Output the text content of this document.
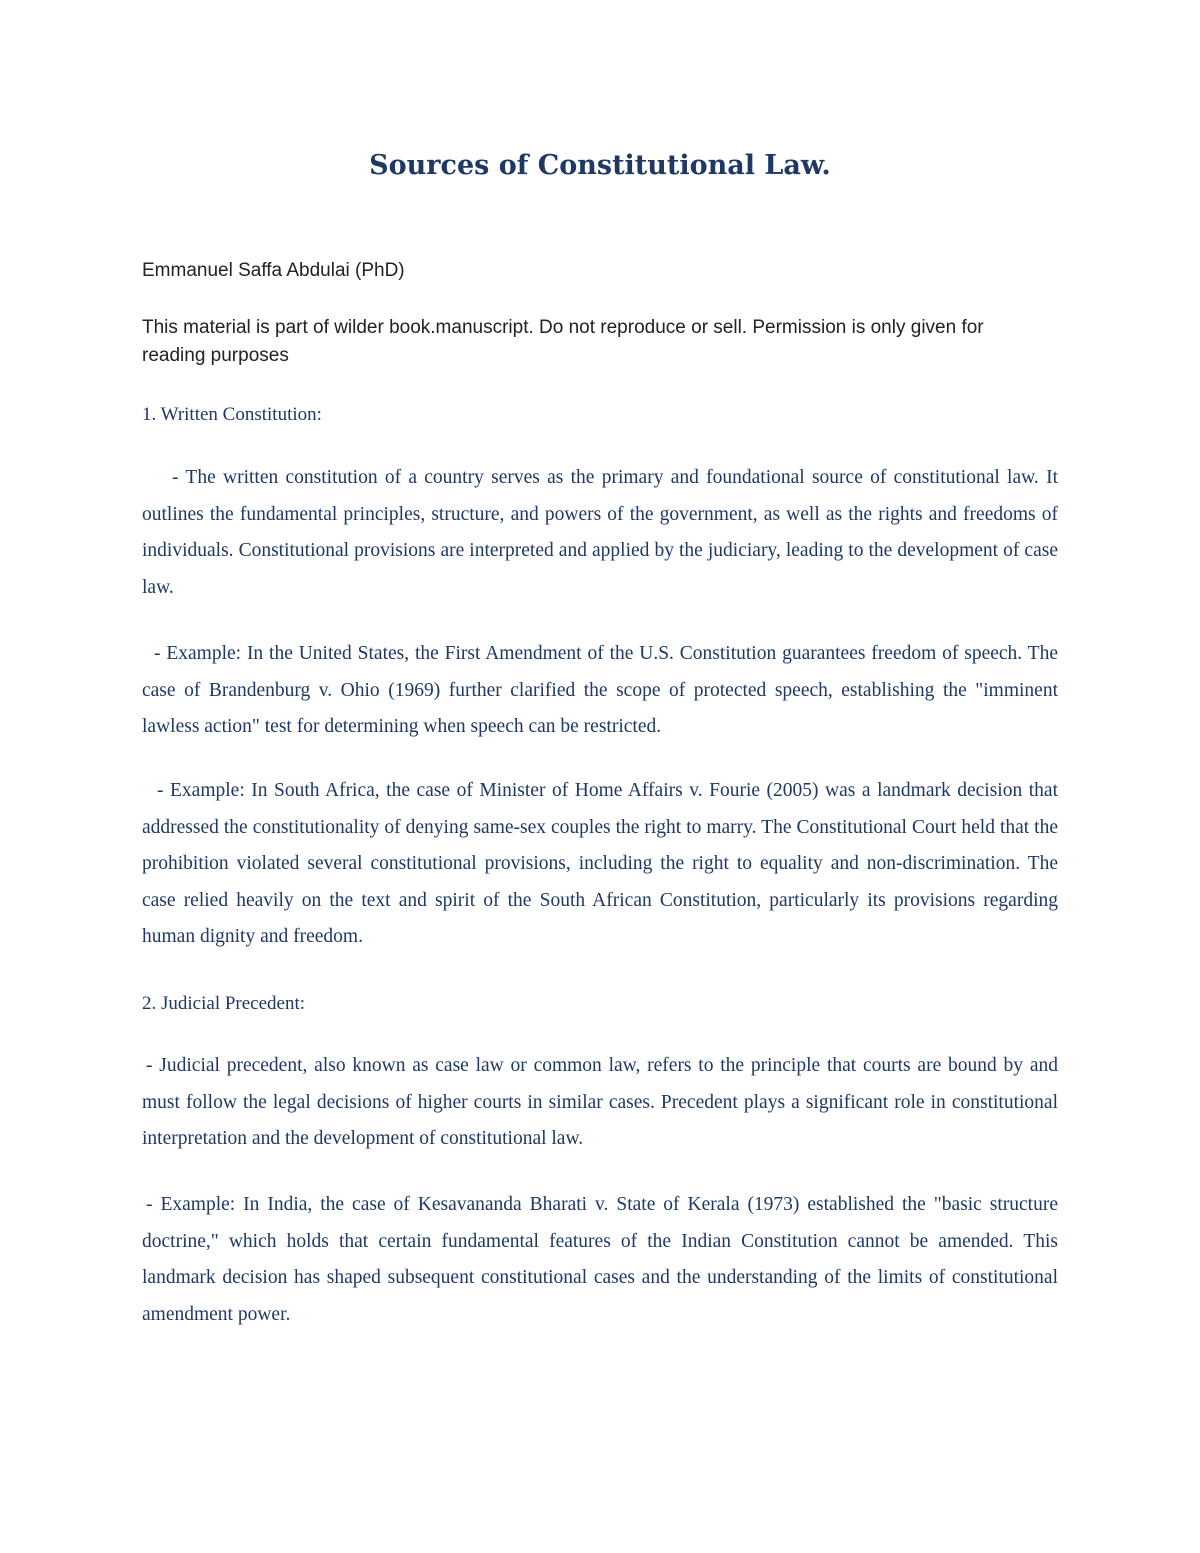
Sources of Constitutional Law.

Emmanuel Saffa Abdulai (PhD)

This material is part of wilder book.manuscript. Do not reproduce or sell. Permission is only given for reading purposes

1. Written Constitution:

- The written constitution of a country serves as the primary and foundational source of constitutional law. It outlines the fundamental principles, structure, and powers of the government, as well as the rights and freedoms of individuals. Constitutional provisions are interpreted and applied by the judiciary, leading to the development of case law.

- Example: In the United States, the First Amendment of the U.S. Constitution guarantees freedom of speech. The case of Brandenburg v. Ohio (1969) further clarified the scope of protected speech, establishing the "imminent lawless action" test for determining when speech can be restricted.

- Example: In South Africa, the case of Minister of Home Affairs v. Fourie (2005) was a landmark decision that addressed the constitutionality of denying same-sex couples the right to marry. The Constitutional Court held that the prohibition violated several constitutional provisions, including the right to equality and non-discrimination. The case relied heavily on the text and spirit of the South African Constitution, particularly its provisions regarding human dignity and freedom.

2. Judicial Precedent:

- Judicial precedent, also known as case law or common law, refers to the principle that courts are bound by and must follow the legal decisions of higher courts in similar cases. Precedent plays a significant role in constitutional interpretation and the development of constitutional law.

- Example: In India, the case of Kesavananda Bharati v. State of Kerala (1973) established the "basic structure doctrine," which holds that certain fundamental features of the Indian Constitution cannot be amended. This landmark decision has shaped subsequent constitutional cases and the understanding of the limits of constitutional amendment power.
